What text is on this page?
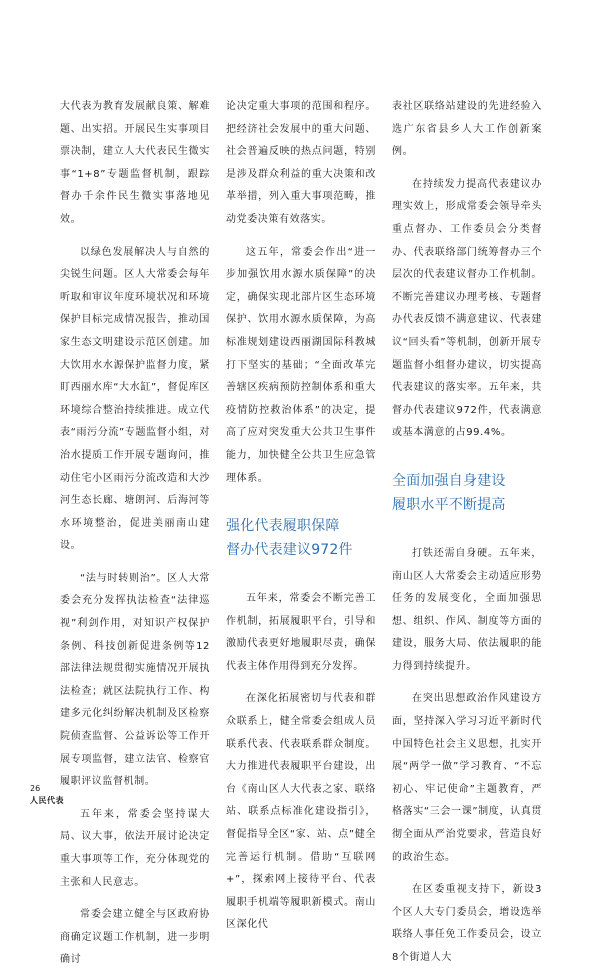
大代表为教育发展献良策、解难题、出实招。开展民生实事项目票决制，建立人大代表民生微实事“1+8”专题监督机制，跟踪督办千余件民生微实事落地见效。

以绿色发展解决人与自然的尖锐生问题。区人大常委会每年听取和审议年度环境状况和环境保护目标完成情况报告，推动国家生态文明建设示范区创建。加大饮用水水源保护监督力度，紧盯西丽水库“大水缸”，督促库区环境综合整治持续推进。成立代表“雨污分流”专题监督小组，对治水提质工作开展专题询问，推动住宅小区雨污分流改造和大沙河生态长廊、塘朗河、后海河等水环境整治，促进美丽南山建设。

“法与时转则治”。区人大常委会充分发挥执法检查“法律巡视”利剑作用，对知识产权保护条例、科技创新促进条例等12部法律法规贯彻实施情况开展执法检查；就区法院执行工作、构建多元化纠纷解决机制及区检察院侦查监督、公益诉讼等工作开展专项监督，建立法官、检察官履职评议监督机制。

五年来，常委会坚持谋大局、议大事，依法开展讨论决定重大事项等工作，充分体现党的主张和人民意志。

常委会建立健全与区政府协商确定议题工作机制，进一步明确讨

论决定重大事项的范围和程序。把经济社会发展中的重大问题、社会普遍反映的热点问题，特别是涉及群众利益的重大决策和改革举措，列入重大事项范畴，推动党委决策有效落实。

这五年，常委会作出“进一步加强饮用水源水质保障”的决定，确保实现北部片区生态环境保护、饮用水源水质保障，为高标准规划建设西丽湖国际科教城打下坚实的基础；“全面改革完善辖区疾病预防控制体系和重大疫情防控救治体系”的决定，提高了应对突发重大公共卫生事件能力，加快健全公共卫生应急管理体系。

强化代表履职保障

督办代表建议972件

五年来，常委会不断完善工作机制，拓展履职平台，引导和激励代表更好地履职尽责，确保代表主体作用得到充分发挥。

在深化拓展密切与代表和群众联系上，健全常委会组成人员联系代表、代表联系群众制度。大力推进代表履职平台建设，出台《南山区人大代表之家、联络站、联系点标准化建设指引》，督促指导全区“家、站、点”健全完善运行机制。借助“互联网+”，探索网上接待平台、代表履职手机端等履职新模式。南山区深化代

表社区联络站建设的先进经验入选广东省县乡人大工作创新案例。

在持续发力提高代表建议办理实效上，形成常委会领导牵头重点督办、工作委员会分类督办、代表联络部门统筹督办三个层次的代表建议督办工作机制。不断完善建议办理考核、专题督办代表反馈不满意建议、代表建议“回头看”等机制，创新开展专题监督小组督办建议，切实提高代表建议的落实率。五年来，共督办代表建议972件，代表满意或基本满意的占99.4%。

全面加强自身建设

履职水平不断提高

打铁还需自身硬。五年来，南山区人大常委会主动适应形势任务的发展变化，全面加强思想、组织、作风、制度等方面的建设，服务大局、依法履职的能力得到持续提升。

在突出思想政治作风建设方面，坚持深入学习习近平新时代中国特色社会主义思想，扎实开展“两学一做”学习教育、“不忘初心、牢记使命”主题教育，严格落实“三会一课”制度，认真贯彻全面从严治党要求，营造良好的政治生态。

在区委重视支持下，新设3个区人大专门委员会，增设选举联络人事任免工作委员会，设立8个街道人大

26
人民代表
